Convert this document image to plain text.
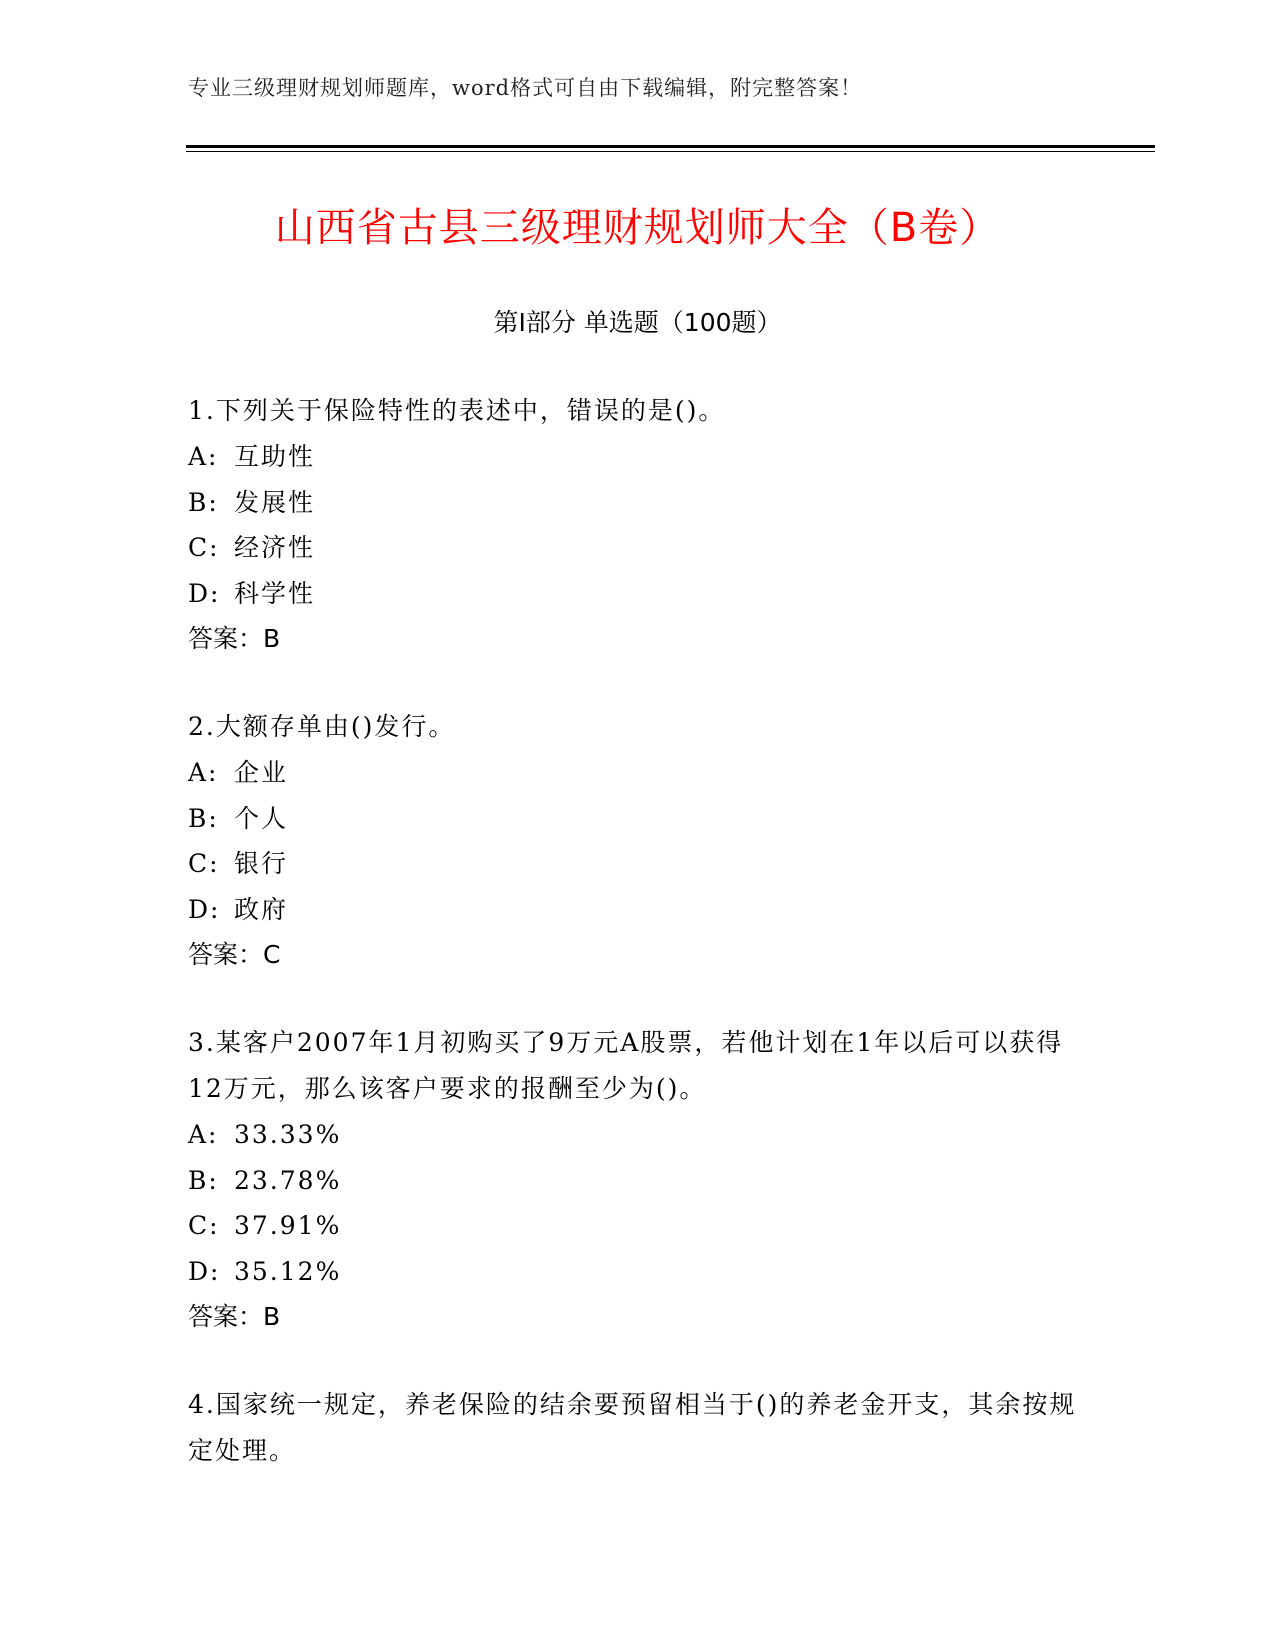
专业三级理财规划师题库，word格式可自由下载编辑，附完整答案！
山西省古县三级理财规划师大全（B卷）
第I部分 单选题（100题）
1.下列关于保险特性的表述中，错误的是()。
A: 互助性
B: 发展性
C: 经济性
D: 科学性
答案：B
2.大额存单由()发行。
A: 企业
B: 个人
C: 银行
D: 政府
答案：C
3.某客户2007年1月初购买了9万元A股票，若他计划在1年以后可以获得12万元，那么该客户要求的报酬至少为()。
A: 33.33%
B: 23.78%
C: 37.91%
D: 35.12%
答案：B
4.国家统一规定，养老保险的结余要预留相当于()的养老金开支，其余按规定处理。
